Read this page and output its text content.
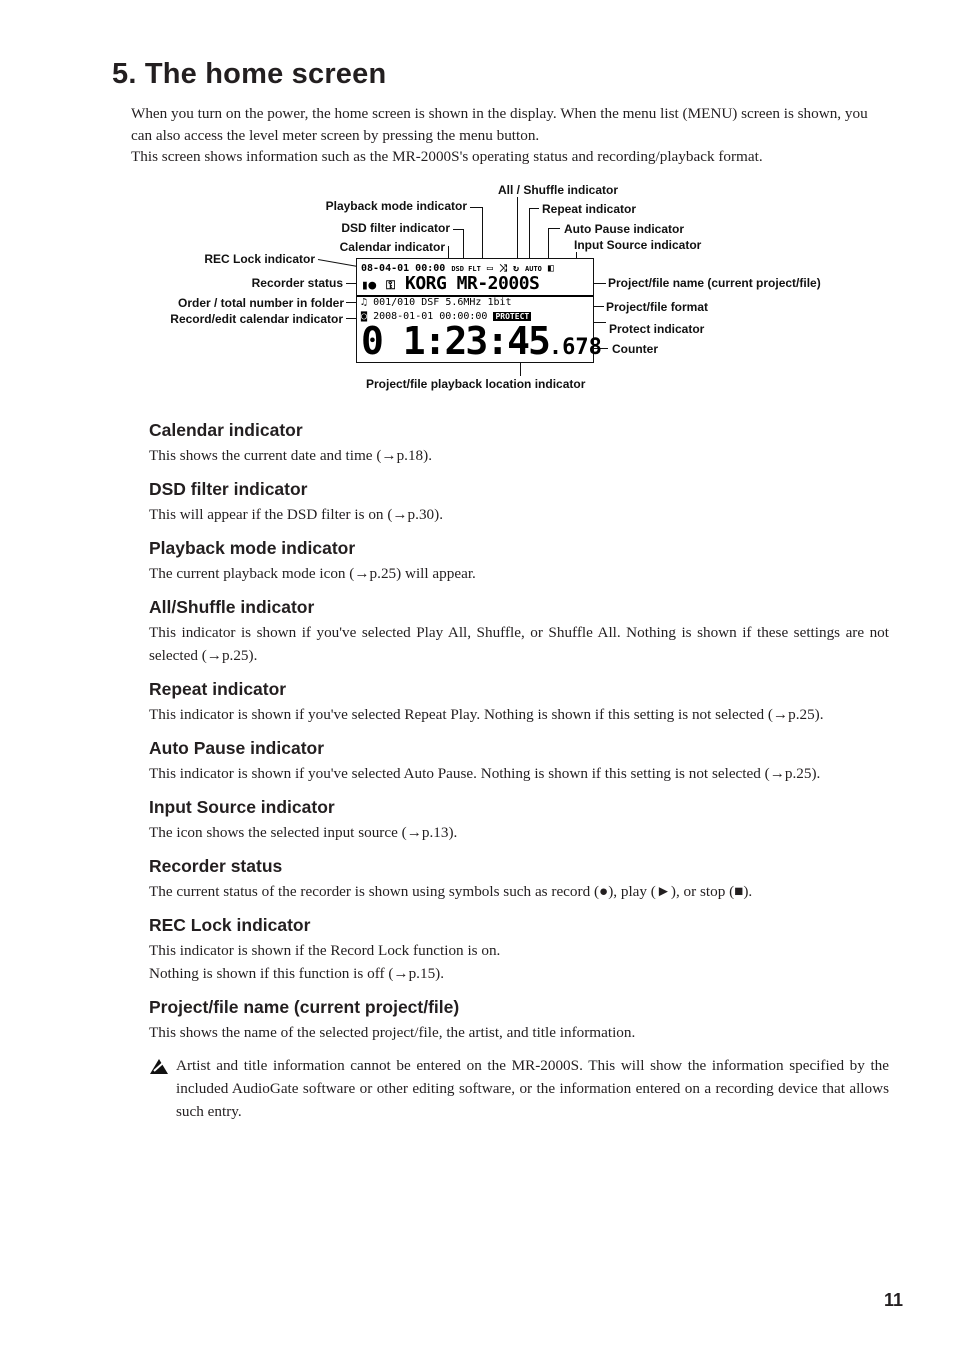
5. The home screen

When you turn on the power, the home screen is shown in the display. When the menu list (MENU) screen is shown, you can also access the level meter screen by pressing the menu button.

This screen shows information such as the MR-2000S's operating status and recording/playback format.

All / Shuffle indicator
Playback mode indicator	Repeat indicator
DSD filter indicator	Auto Pause indicator
Calendar indicator	Input Source indicator
REC Lock indicator
Recorder status	Project/file name (current project/file)
Order / total number in folder	Project/file format
Record/edit calendar indicator
Protect indicator
Counter
Project/file playback location indicator
08-04-01 00:00 DSD FLT ▭ ⤨ ↻ AUTO ◧
▮● ⚿ KORG MR-2000S
♫ 001/010 DSF 5.6MHz 1bit
◙ 2008-01-01 00:00:00 PROTECT
0 1:23:45.678
Calendar indicator

This shows the current date and time (→p.18).

DSD filter indicator

This will appear if the DSD filter is on (→p.30).

Playback mode indicator

The current playback mode icon (→p.25) will appear.

All/Shuffle indicator

This indicator is shown if you've selected Play All, Shuffle, or Shuffle All. Nothing is shown if these settings are not selected (→p.25).

Repeat indicator

This indicator is shown if you've selected Repeat Play. Nothing is shown if this setting is not selected (→p.25).

Auto Pause indicator

This indicator is shown if you've selected Auto Pause. Nothing is shown if this setting is not selected (→p.25).

Input Source indicator

The icon shows the selected input source (→p.13).

Recorder status

The current status of the recorder is shown using symbols such as record (●), play (►), or stop (■).

REC Lock indicator

This indicator is shown if the Record Lock function is on.

Nothing is shown if this function is off (→p.15).

Project/file name (current project/file)

This shows the name of the selected project/file, the artist, and title information.

Artist and title information cannot be entered on the MR-2000S. This will show the information specified by the included AudioGate software or other editing software, or the information entered on a recording device that allows such entry.
11
